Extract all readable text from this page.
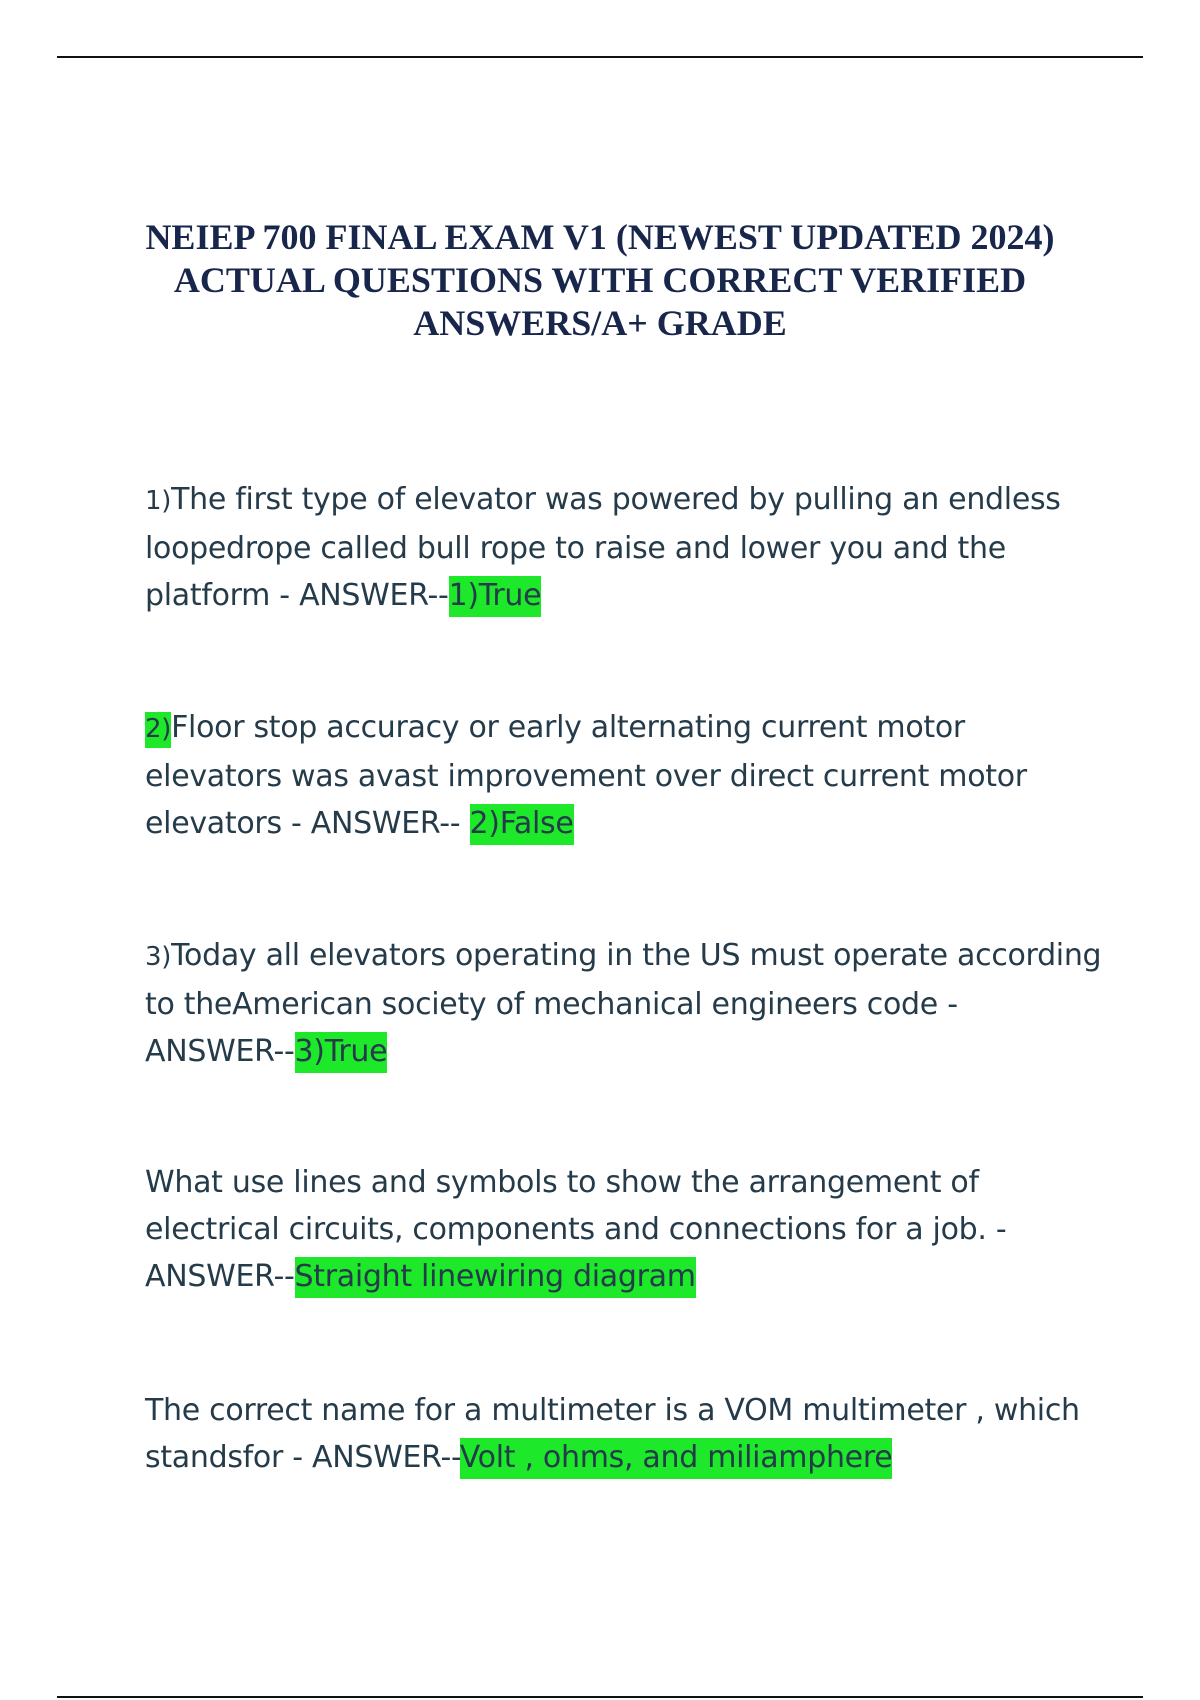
NEIEP 700 FINAL EXAM V1 (NEWEST UPDATED 2024) ACTUAL QUESTIONS WITH CORRECT VERIFIED ANSWERS/A+ GRADE

1)The first type of elevator was powered by pulling an endless loopedrope called bull rope to raise and lower you and the platform - ANSWER--1)True

2)Floor stop accuracy or early alternating current motor elevators was avast improvement over direct current motor elevators - ANSWER-- 2)False

3)Today all elevators operating in the US must operate according to theAmerican society of mechanical engineers code - ANSWER--3)True

What use lines and symbols to show the arrangement of electrical circuits, components and connections for a job. - ANSWER--Straight linewiring diagram

The correct name for a multimeter is a VOM multimeter , which standsfor - ANSWER--Volt , ohms, and miliamphere
